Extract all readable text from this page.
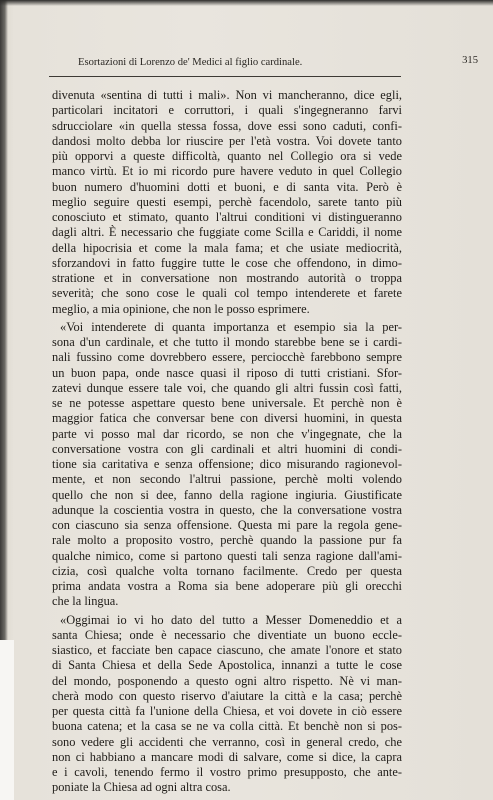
Esortazioni di Lorenzo de' Medici al figlio cardinale.	315
divenuta «sentina di tutti i mali». Non vi mancheranno, dice egli,
particolari incitatori e corruttori, i quali s'ingegneranno farvi
sdrucciolare «in quella stessa fossa, dove essi sono caduti, confi-
dandosi molto debba lor riuscire per l'età vostra. Voi dovete tanto
più opporvi a queste difficoltà, quanto nel Collegio ora si vede
manco virtù. Et io mi ricordo pure havere veduto in quel Collegio
buon numero d'huomini dotti et buoni, e di santa vita. Però è
meglio seguire questi esempi, perchè facendolo, sarete tanto più
conosciuto et stimato, quanto l'altrui conditioni vi distingueranno
dagli altri. È necessario che fuggiate come Scilla e Cariddi, il nome
della hipocrisia et come la mala fama; et che usiate mediocrità,
sforzandovi in fatto fuggire tutte le cose che offendono, in dimo-
stratione et in conversatione non mostrando autorità o troppa
severità; che sono cose le quali col tempo intenderete et farete
meglio, a mia opinione, che non le posso esprimere.
«Voi intenderete di quanta importanza et esempio sia la per-
sona d'un cardinale, et che tutto il mondo starebbe bene se i cardi-
nali fussino come dovrebbero essere, perciocchè farebbono sempre
un buon papa, onde nasce quasi il riposo di tutti cristiani. Sfor-
zatevi dunque essere tale voi, che quando gli altri fussin così fatti,
se ne potesse aspettare questo bene universale. Et perchè non è
maggior fatica che conversar bene con diversi huomini, in questa
parte vi posso mal dar ricordo, se non che v'ingegnate, che la
conversatione vostra con gli cardinali et altri huomini di condi-
tione sia caritativa e senza offensione; dico misurando ragionevol-
mente, et non secondo l'altrui passione, perchè molti volendo
quello che non si dee, fanno della ragione ingiuria. Giustificate
adunque la coscientia vostra in questo, che la conversatione vostra
con ciascuno sia senza offensione. Questa mi pare la regola gene-
rale molto a proposito vostro, perchè quando la passione pur fa
qualche nimico, come si partono questi tali senza ragione dall'ami-
cizia, così qualche volta tornano facilmente. Credo per questa
prima andata vostra a Roma sia bene adoperare più gli orecchi
che la lingua.
«Oggimai io vi ho dato del tutto a Messer Domeneddio et a
santa Chiesa; onde è necessario che diventiate un buono eccle-
siastico, et facciate ben capace ciascuno, che amate l'onore et stato
di Santa Chiesa et della Sede Apostolica, innanzi a tutte le cose
del mondo, posponendo a questo ogni altro rispetto. Nè vi man-
cherà modo con questo riservo d'aiutare la città e la casa; perchè
per questa città fa l'unione della Chiesa, et voi dovete in ciò essere
buona catena; et la casa se ne va colla città. Et benchè non si pos-
sono vedere gli accidenti che verranno, così in general credo, che
non ci habbiano a mancare modi di salvare, come si dice, la capra
e i cavoli, tenendo fermo il vostro primo presupposto, che ante-
poniate la Chiesa ad ogni altra cosa.
